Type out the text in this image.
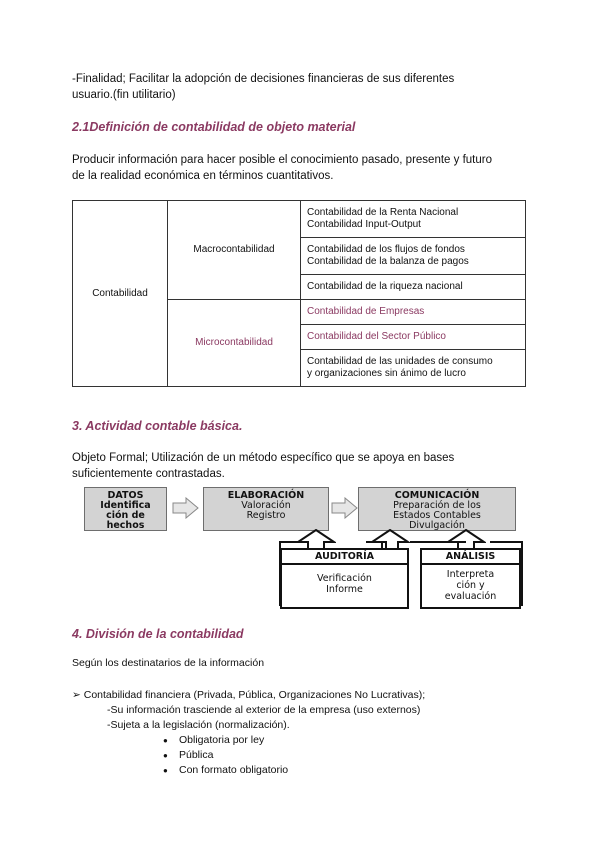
-Finalidad; Facilitar la adopción de decisiones financieras de sus diferentes
usuario.(fin utilitario)
2.1Definición de contabilidad de objeto material
Producir información para hacer posible el conocimiento pasado, presente y futuro
de la realidad económica en términos cuantitativos.
Contabilidad	Macrocontabilidad	Contabilidad de la Renta Nacional
Contabilidad Input-Output

		Contabilidad de los flujos de fondos
Contabilidad de la balanza de pagos

		Contabilidad de la riqueza nacional

	Microcontabilidad	Contabilidad de Empresas

		Contabilidad del Sector Público

		Contabilidad de las unidades de consumo
y organizaciones sin ánimo de lucro
3. Actividad contable básica.
Objeto Formal; Utilización de un método específico que se apoya en bases
suficientemente contrastadas.
DATOS
Identifica
ción de
hechos
ELABORACIÓN
Valoración
Registro
COMUNICACIÓN
Preparación de los
Estados Contables
Divulgación
AUDITORÍA
Verificación
Informe
ANÁLISIS
Interpreta
ción y
evaluación
4. División de la contabilidad
Según los destinatarios de la información
➢ Contabilidad financiera (Privada, Pública, Organizaciones No Lucrativas);
-Su información trasciende al exterior de la empresa (uso externos)
-Sujeta a la legislación (normalización).
● Obligatoria por ley
● Pública
● Con formato obligatorio
